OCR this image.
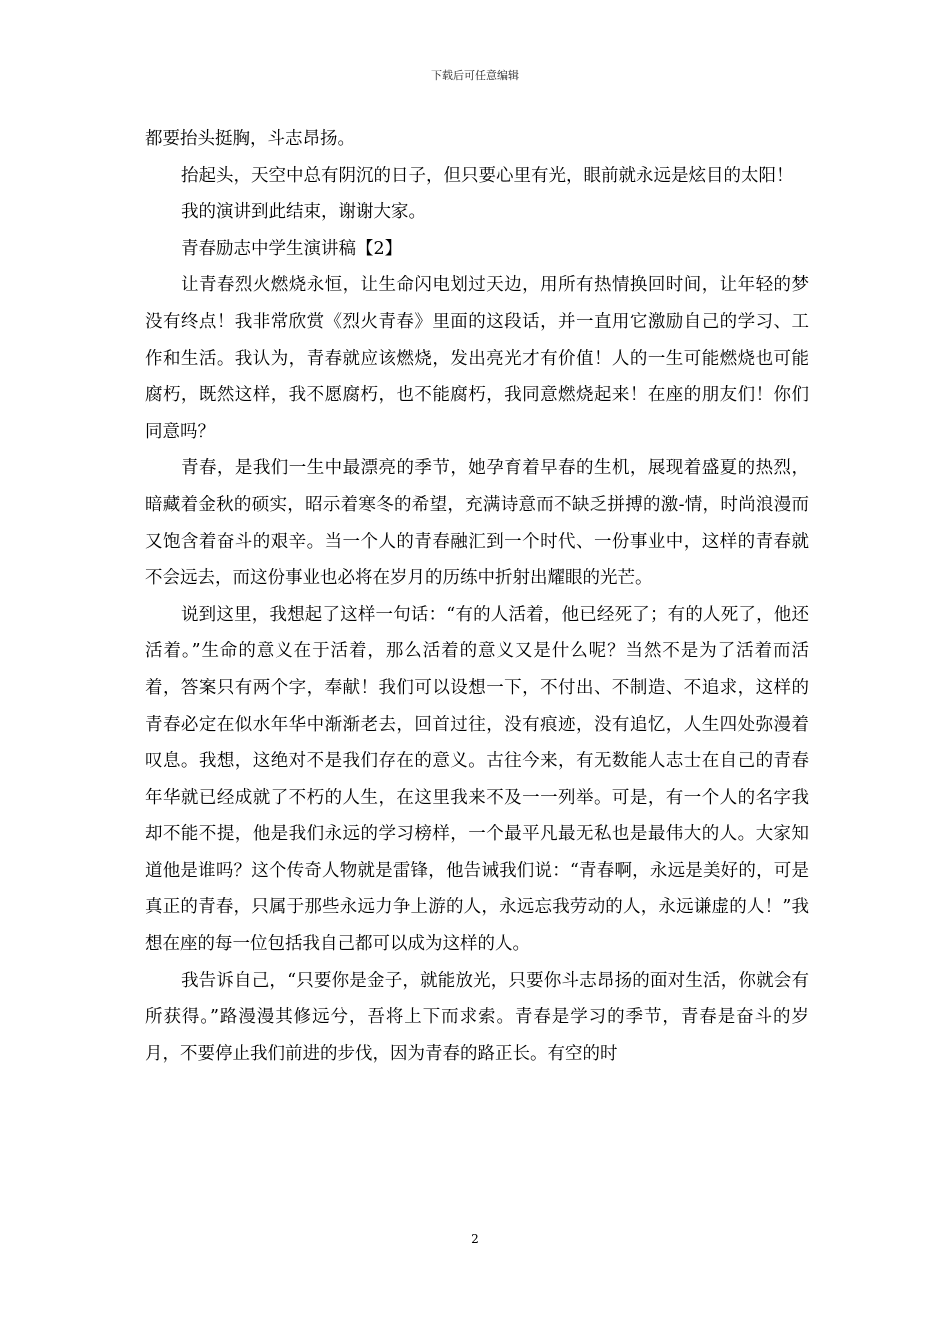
下载后可任意编辑

都要抬头挺胸，斗志昂扬。

抬起头，天空中总有阴沉的日子，但只要心里有光，眼前就永远是炫目的太阳！

我的演讲到此结束，谢谢大家。

青春励志中学生演讲稿【2】

让青春烈火燃烧永恒，让生命闪电划过天边，用所有热情换回时间，让年轻的梦没有终点！我非常欣赏《烈火青春》里面的这段话，并一直用它激励自己的学习、工作和生活。我认为，青春就应该燃烧，发出亮光才有价值！人的一生可能燃烧也可能腐朽，既然这样，我不愿腐朽，也不能腐朽，我同意燃烧起来！在座的朋友们！你们同意吗？

青春，是我们一生中最漂亮的季节，她孕育着早春的生机，展现着盛夏的热烈，暗藏着金秋的硕实，昭示着寒冬的希望，充满诗意而不缺乏拼搏的激-情，时尚浪漫而又饱含着奋斗的艰辛。当一个人的青春融汇到一个时代、一份事业中，这样的青春就不会远去，而这份事业也必将在岁月的历练中折射出耀眼的光芒。

说到这里，我想起了这样一句话：“有的人活着，他已经死了；有的人死了，他还活着。”生命的意义在于活着，那么活着的意义又是什么呢？当然不是为了活着而活着，答案只有两个字，奉献！我们可以设想一下，不付出、不制造、不追求，这样的青春必定在似水年华中渐渐老去，回首过往，没有痕迹，没有追忆，人生四处弥漫着叹息。我想，这绝对不是我们存在的意义。古往今来，有无数能人志士在自己的青春年华就已经成就了不朽的人生，在这里我来不及一一列举。可是，有一个人的名字我却不能不提，他是我们永远的学习榜样，一个最平凡最无私也是最伟大的人。大家知道他是谁吗？这个传奇人物就是雷锋，他告诫我们说：“青春啊，永远是美好的，可是真正的青春，只属于那些永远力争上游的人，永远忘我劳动的人，永远谦虚的人！”我想在座的每一位包括我自己都可以成为这样的人。

我告诉自己，“只要你是金子，就能放光，只要你斗志昂扬的面对生活，你就会有所获得。”路漫漫其修远兮，吾将上下而求索。青春是学习的季节，青春是奋斗的岁月，不要停止我们前进的步伐，因为青春的路正长。有空的时

2
